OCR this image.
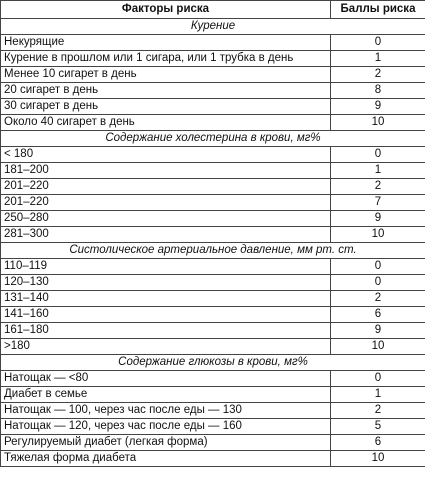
Факторы риска	Баллы риска
Курение	
Некурящие	0
Курение в прошлом или 1 сигара, или 1 трубка в день	1
Менее 10 сигарет в день	2
20 сигарет в день	8
30 сигарет в день	9
Около 40 сигарет в день	10
Содержание холестерина в крови, мг%	
< 180	0
181–200	1
201–220	2
201–220	7
250–280	9
281–300	10
Систолическое артериальное давление, мм рт. ст.	
110–119	0
120–130	0
131–140	2
141–160	6
161–180	9
>180	10
Содержание глюкозы в крови, мг%	
Натощак — <80	0
Диабет в семье	1
Натощак — 100, через час после еды — 130	2
Натощак — 120, через час после еды — 160	5
Регулируемый диабет (легкая форма)	6
Тяжелая форма диабета	10
